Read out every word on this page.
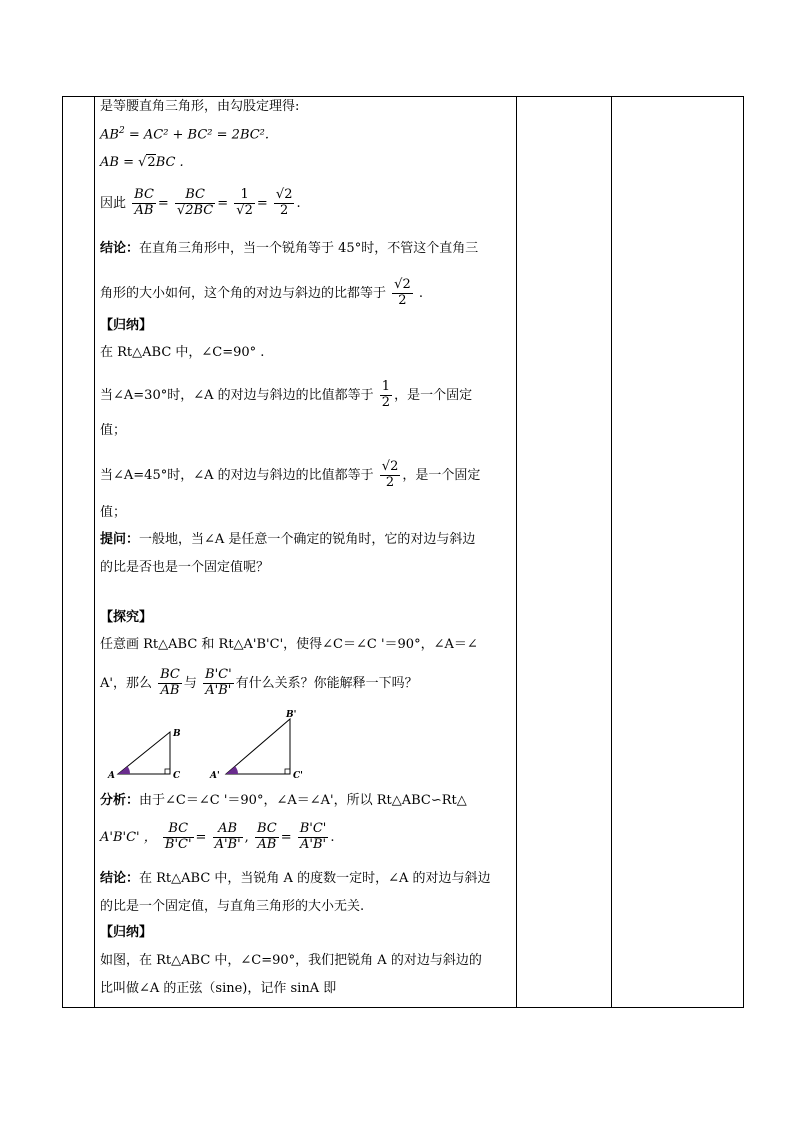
是等腰直角三角形，由勾股定理得:
$AB^2 = AC^2 + BC^2 = 2BC^2$.
AB = √2BC .
因此 $\frac{BC}{AB} = \frac{BC}{√2BC} = \frac{1}{√2} = \frac{√2}{2}$ .
结论：在直角三角形中，当一个锐角等于 45°时，不管这个直角三
角形的大小如何，这个角的对边与斜边的比都等于 $\frac{√2}{2}$ .
【归纳】
在 Rt△ABC 中，∠C=90° .
当∠A=30°时，∠A 的对边与斜边的比值都等于 $\frac{1}{2}$ ，是一个固定
值；
当∠A=45°时，∠A 的对边与斜边的比值都等于 $\frac{√2}{2}$ ，是一个固定
值；
提问：一般地，当∠A 是任意一个确定的锐角时，它的对边与斜边
的比是否也是一个固定值呢？
【探究】
任意画 Rt△ABC 和 Rt△A'B'C'，使得∠C＝∠C '＝90°，∠A＝∠
A'，那么 $\frac{BC}{AB}$ 与 $\frac{B'C'}{A'B'}$ 有什么关系？你能解释一下吗？
A
B
C	A'
B'
C'
分析：由于∠C＝∠C '＝90°，∠A＝∠A'，所以 Rt△ABC∽Rt△
A'B'C' ， $\frac{BC}{B'C'} = \frac{AB}{A'B'}$ , $\frac{BC}{AB} = \frac{B'C'}{A'B'}$ .
结论：在 Rt△ABC 中，当锐角 A 的度数一定时，∠A 的对边与斜边
的比是一个固定值，与直角三角形的大小无关.
【归纳】
如图，在 Rt△ABC 中，∠C=90°，我们把锐角 A 的对边与斜边的
比叫做∠A 的正弦（sine)，记作 sinA 即
